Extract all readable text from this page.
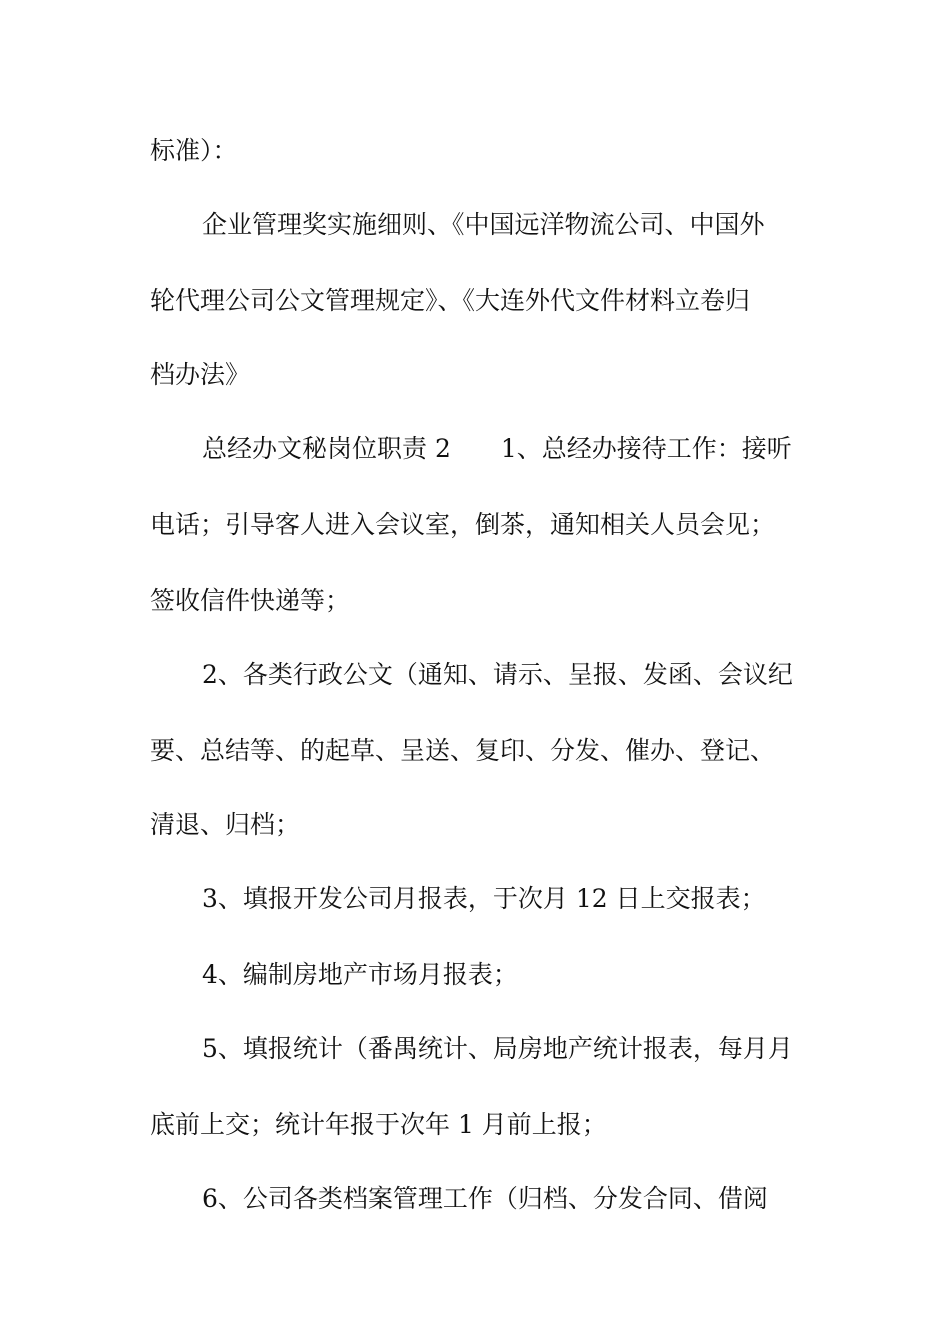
标准）：
企业管理奖实施细则、《中国远洋物流公司、中国外
轮代理公司公文管理规定》、《大连外代文件材料立卷归
档办法》
总经办文秘岗位职责 2　　1、总经办接待工作：接听
电话；引导客人进入会议室，倒茶，通知相关人员会见；
签收信件快递等；
2、各类行政公文（通知、请示、呈报、发函、会议纪
要、总结等、的起草、呈送、复印、分发、催办、登记、
清退、归档；
3、填报开发公司月报表，于次月 12 日上交报表；
4、编制房地产市场月报表；
5、填报统计（番禺统计、局房地产统计报表，每月月
底前上交；统计年报于次年 1 月前上报；
6、公司各类档案管理工作（归档、分发合同、借阅
